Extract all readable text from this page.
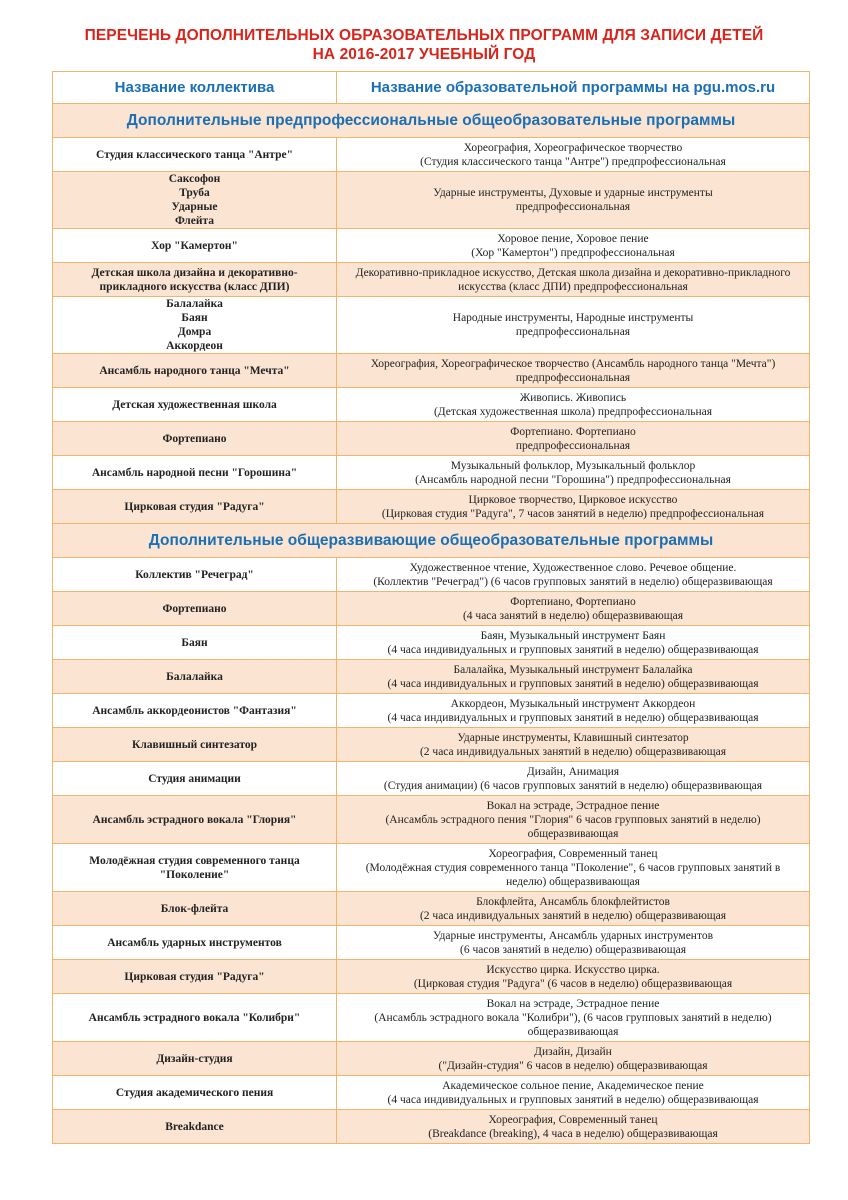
ПЕРЕЧЕНЬ ДОПОЛНИТЕЛЬНЫХ ОБРАЗОВАТЕЛЬНЫХ ПРОГРАММ ДЛЯ ЗАПИСИ ДЕТЕЙ
НА 2016-2017 УЧЕБНЫЙ ГОД
Название коллектива	Название образовательной программы на pgu.mos.ru
Дополнительные предпрофессиональные общеобразовательные программы	

Студия классического танца "Антре"	Хореография, Хореографическое творчество
(Студия классического танца "Антре") предпрофессиональная

Саксофон
Труба
Ударные
Флейта	Ударные инструменты, Духовые и ударные инструменты
предпрофессиональная

Хор "Камертон"	Хоровое пение, Хоровое пение
(Хор "Камертон") предпрофессиональная

Детская школа дизайна и декоративно-
прикладного искусства (класс ДПИ)	Декоративно-прикладное искусство, Детская школа дизайна и декоративно-прикладного
искусства (класс ДПИ) предпрофессиональная

Балалайка
Баян
Домра
Аккордеон	Народные инструменты, Народные инструменты
предпрофессиональная

Ансамбль народного танца "Мечта"	Хореография, Хореографическое творчество (Ансамбль народного танца "Мечта")
предпрофессиональная

Детская художественная школа	Живопись. Живопись
(Детская художественная школа) предпрофессиональная

Фортепиано	Фортепиано. Фортепиано
предпрофессиональная

Ансамбль народной песни "Горошина"	Музыкальный фольклор, Музыкальный фольклор
(Ансамбль народной песни "Горошина") предпрофессиональная

Цирковая студия "Радуга"	Цирковое творчество, Цирковое искусство
(Цирковая студия "Радуга", 7 часов занятий в неделю) предпрофессиональная

Дополнительные общеразвивающие общеобразовательные программы	

Коллектив "Речеград"	Художественное чтение, Художественное слово. Речевое общение.
(Коллектив "Речеград") (6 часов групповых занятий в неделю) общеразвивающая

Фортепиано	Фортепиано, Фортепиано
(4 часа занятий в неделю) общеразвивающая

Баян	Баян, Музыкальный инструмент Баян
(4 часа индивидуальных и групповых занятий в неделю) общеразвивающая

Балалайка	Балалайка, Музыкальный инструмент Балалайка
(4 часа индивидуальных и групповых занятий в неделю) общеразвивающая

Ансамбль аккордеонистов "Фантазия"	Аккордеон, Музыкальный инструмент Аккордеон
(4 часа индивидуальных и групповых занятий в неделю) общеразвивающая

Клавишный синтезатор	Ударные инструменты, Клавишный синтезатор
(2 часа индивидуальных занятий в неделю) общеразвивающая

Студия анимации	Дизайн, Анимация
(Студия анимации) (6 часов групповых занятий в неделю) общеразвивающая

Ансамбль эстрадного вокала "Глория"	Вокал на эстраде, Эстрадное пение
(Ансамбль эстрадного пения "Глория" 6 часов групповых занятий в неделю)
общеразвивающая

Молодёжная студия современного танца
"Поколение"	Хореография, Современный танец
(Молодёжная студия современного танца "Поколение", 6 часов групповых занятий в
неделю) общеразвивающая

Блок-флейта	Блокфлейта, Ансамбль блокфлейтистов
(2 часа индивидуальных занятий в неделю) общеразвивающая

Ансамбль ударных инструментов	Ударные инструменты, Ансамбль ударных инструментов
(6 часов занятий в неделю) общеразвивающая

Цирковая студия "Радуга"	Искусство цирка. Искусство цирка.
(Цирковая студия "Радуга" (6 часов в неделю) общеразвивающая

Ансамбль эстрадного вокала "Колибри"	Вокал на эстраде, Эстрадное пение
(Ансамбль эстрадного вокала "Колибри"), (6 часов групповых занятий в неделю)
общеразвивающая

Дизайн-студия	Дизайн, Дизайн
("Дизайн-студия" 6 часов в неделю) общеразвивающая

Студия академического пения	Академическое сольное пение, Академическое пение
(4 часа индивидуальных и групповых занятий в неделю) общеразвивающая

Breakdance	Хореография, Современный танец
(Breakdance (breaking), 4 часа в неделю) общеразвивающая
